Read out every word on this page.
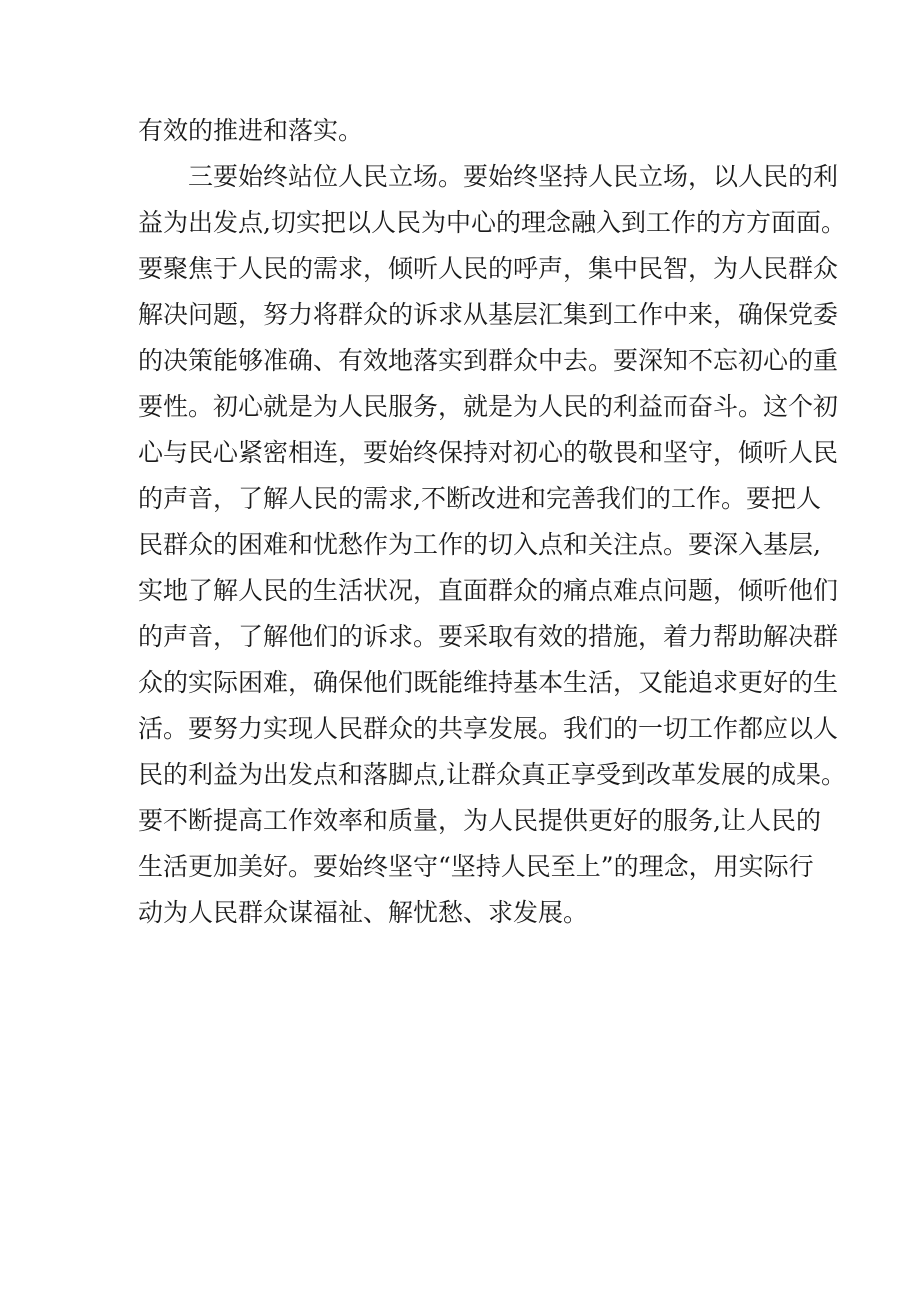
有效的推进和落实。
三要始终站位人民立场。要始终坚持人民立场，以人民的利
益为出发点,切实把以人民为中心的理念融入到工作的方方面面。
要聚焦于人民的需求，倾听人民的呼声，集中民智，为人民群众
解决问题，努力将群众的诉求从基层汇集到工作中来，确保党委
的决策能够准确、有效地落实到群众中去。要深知不忘初心的重
要性。初心就是为人民服务，就是为人民的利益而奋斗。这个初
心与民心紧密相连，要始终保持对初心的敬畏和坚守，倾听人民
的声音，了解人民的需求,不断改进和完善我们的工作。要把人
民群众的困难和忧愁作为工作的切入点和关注点。要深入基层,
实地了解人民的生活状况，直面群众的痛点难点问题，倾听他们
的声音，了解他们的诉求。要采取有效的措施，着力帮助解决群
众的实际困难，确保他们既能维持基本生活，又能追求更好的生
活。要努力实现人民群众的共享发展。我们的一切工作都应以人
民的利益为出发点和落脚点,让群众真正享受到改革发展的成果。
要不断提高工作效率和质量，为人民提供更好的服务,让人民的
生活更加美好。要始终坚守“坚持人民至上”的理念，用实际行
动为人民群众谋福祉、解忧愁、求发展。
